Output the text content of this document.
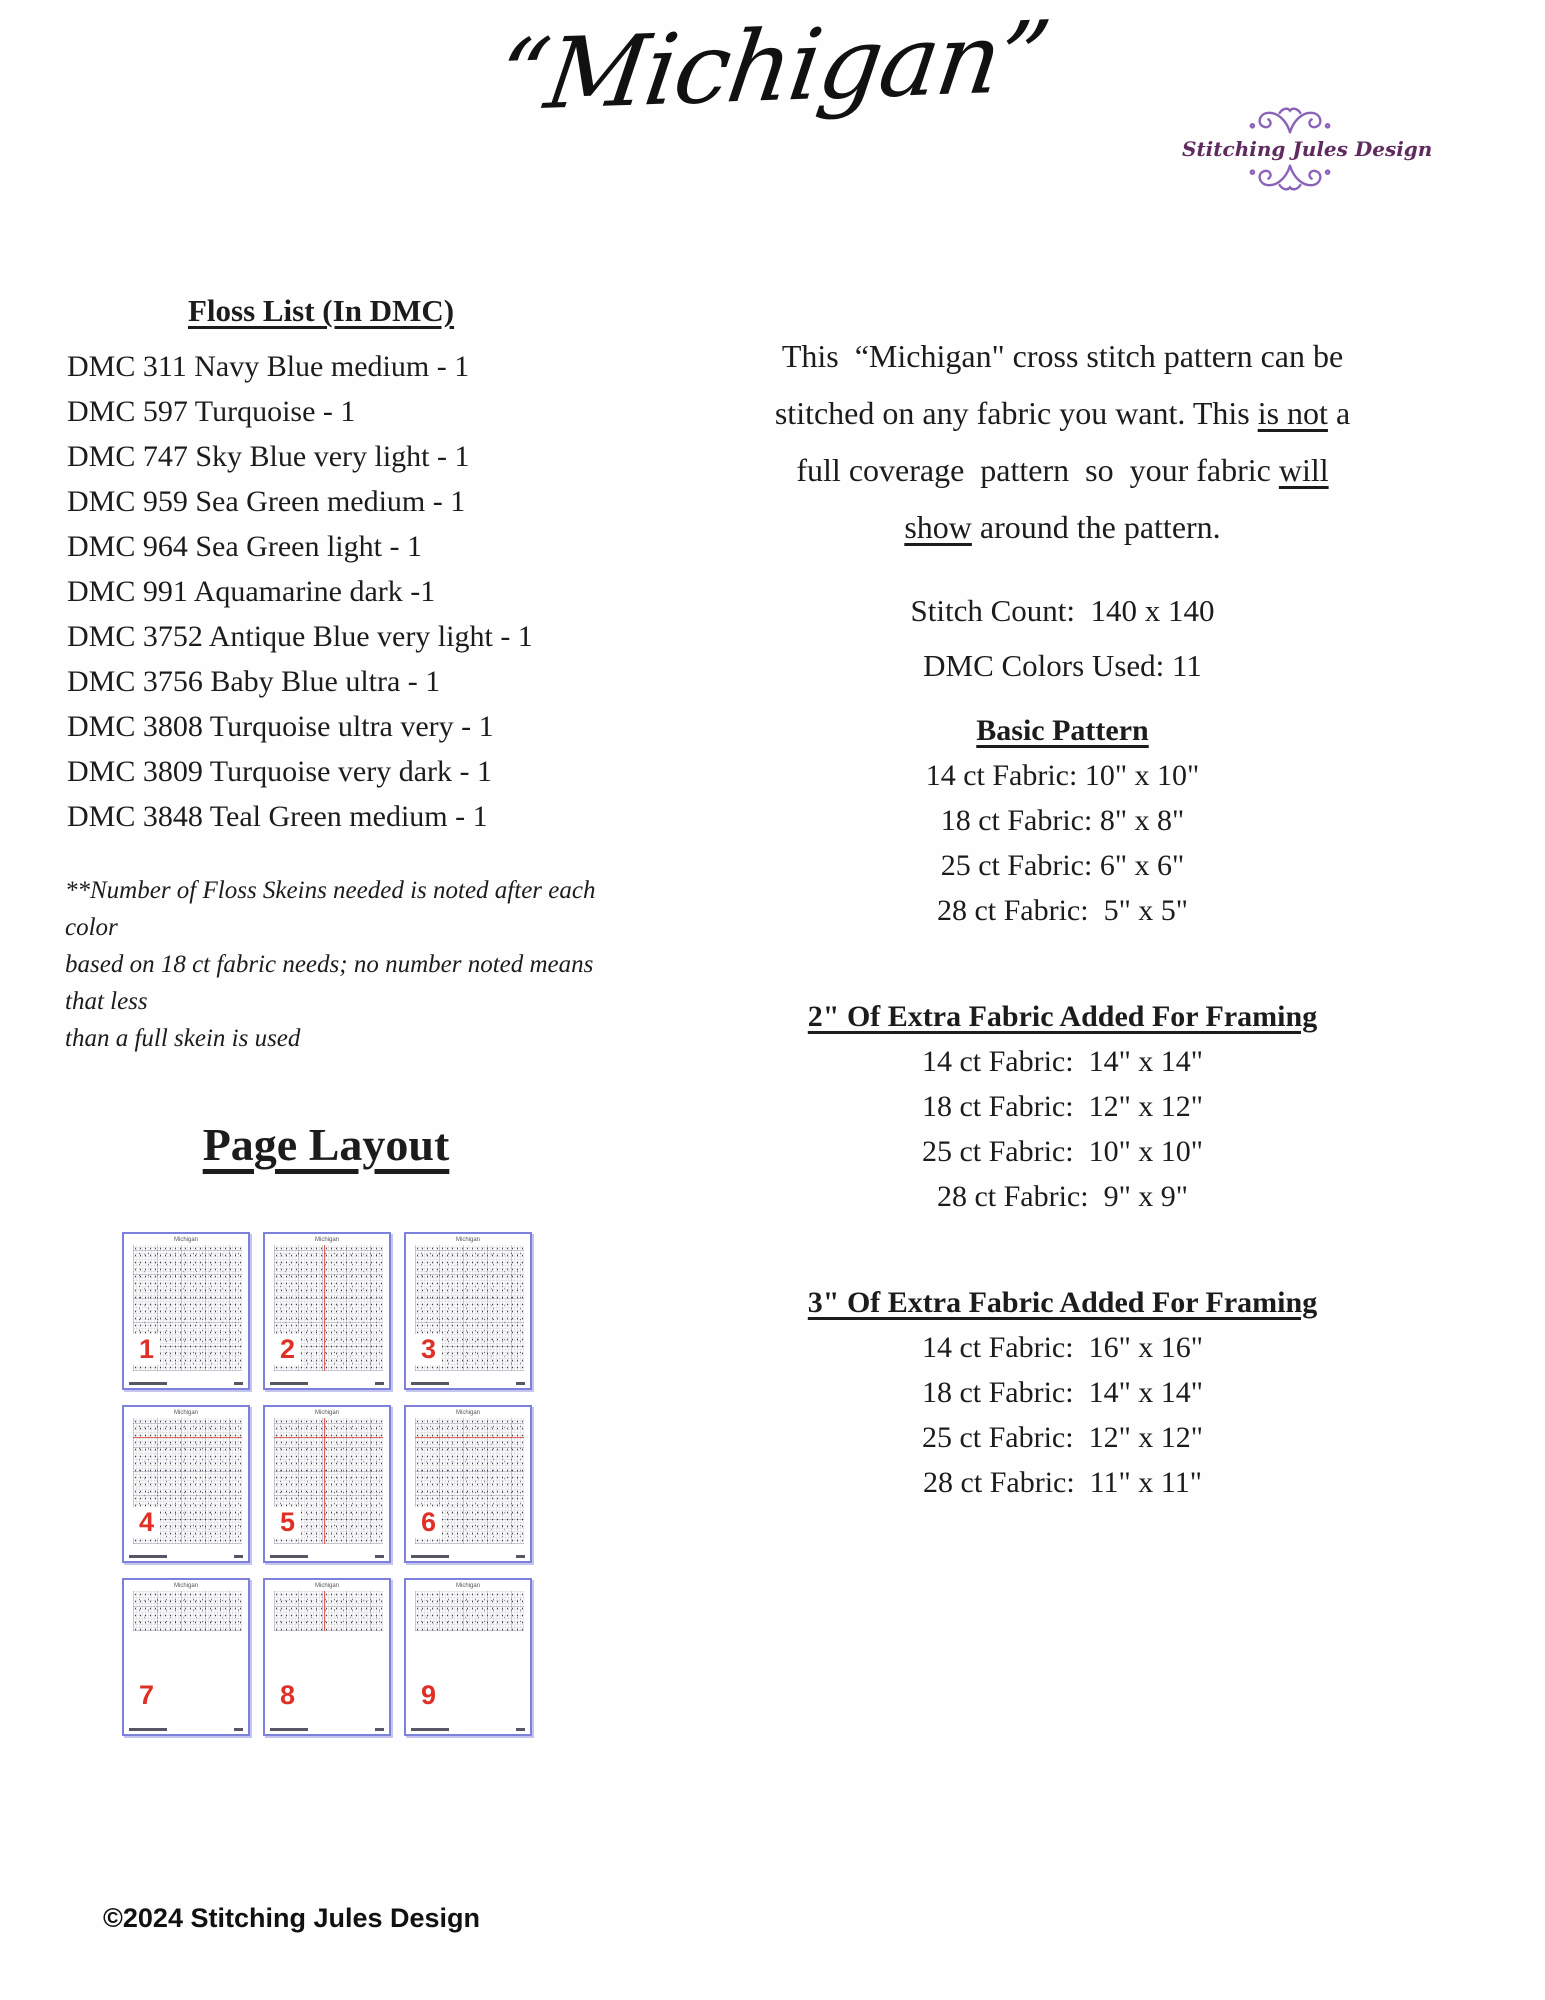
“Michigan”
Stitching Jules Design
Floss List (In DMC)
DMC 311 Navy Blue medium - 1
DMC 597 Turquoise - 1
DMC 747 Sky Blue very light - 1
DMC 959 Sea Green medium - 1
DMC 964 Sea Green light - 1
DMC 991 Aquamarine dark -1
DMC 3752 Antique Blue very light - 1
DMC 3756 Baby Blue ultra - 1
DMC 3808 Turquoise ultra very - 1
DMC 3809 Turquoise very dark - 1
DMC 3848 Teal Green medium - 1
**Number of Floss Skeins needed is noted after each color
based on 18 ct fabric needs; no number noted means that less
than a full skein is used
This  “Michigan" cross stitch pattern can be
stitched on any fabric you want. This is not a
full coverage  pattern  so  your fabric will
show around the pattern.
Stitch Count:  140 x 140
DMC Colors Used: 11
Basic Pattern
14 ct Fabric: 10" x 10"
18 ct Fabric: 8" x 8"
25 ct Fabric: 6" x 6"
28 ct Fabric:  5" x 5"
2" Of Extra Fabric Added For Framing
14 ct Fabric:  14" x 14"
18 ct Fabric:  12" x 12"
25 ct Fabric:  10" x 10"
28 ct Fabric:  9" x 9"
3" Of Extra Fabric Added For Framing
14 ct Fabric:  16" x 16"
18 ct Fabric:  14" x 14"
25 ct Fabric:  12" x 12"
28 ct Fabric:  11" x 11"
Page Layout
Michigan
1
Michigan
2
Michigan
3
Michigan
4
Michigan
5
Michigan
6
Michigan
7
Michigan
8
Michigan
9
©2024 Stitching Jules Design
